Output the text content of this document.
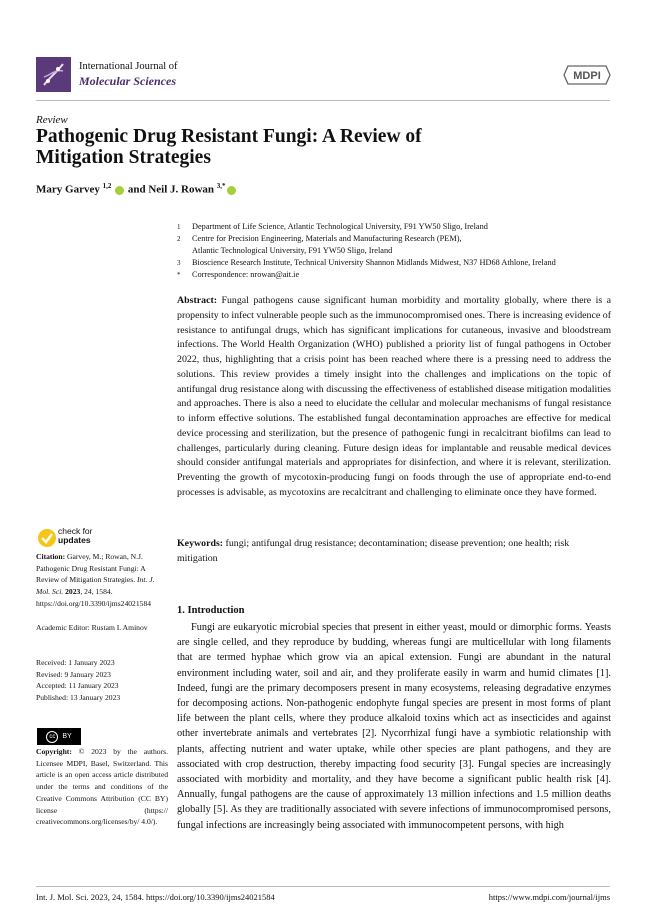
International Journal of
Molecular Sciences	MDPI
Review
Pathogenic Drug Resistant Fungi: A Review of Mitigation Strategies
Mary Garvey $^{1,2}$ and Neil J. Rowan $^{3,*}$
1	Department of Life Science, Atlantic Technological University, F91 YW50 Sligo, Ireland
2	Centre for Precision Engineering, Materials and Manufacturing Research (PEM),
Atlantic Technological University, F91 YW50 Sligo, Ireland
3	Bioscience Research Institute, Technical University Shannon Midlands Midwest, N37 HD68 Athlone, Ireland
*	Correspondence: nrowan@ait.ie
Abstract: Fungal pathogens cause significant human morbidity and mortality globally, where there is a propensity to infect vulnerable people such as the immunocompromised ones. There is increasing evidence of resistance to antifungal drugs, which has significant implications for cutaneous, invasive and bloodstream infections. The World Health Organization (WHO) published a priority list of fungal pathogens in October 2022, thus, highlighting that a crisis point has been reached where there is a pressing need to address the solutions. This review provides a timely insight into the challenges and implications on the topic of antifungal drug resistance along with discussing the effectiveness of established disease mitigation modalities and approaches. There is also a need to elucidate the cellular and molecular mechanisms of fungal resistance to inform effective solutions. The established fungal decontamination approaches are effective for medical device processing and sterilization, but the presence of pathogenic fungi in recalcitrant biofilms can lead to challenges, particularly during cleaning. Future design ideas for implantable and reusable medical devices should consider antifungal materials and appropriates for disinfection, and where it is relevant, sterilization. Preventing the growth of mycotoxin-producing fungi on foods through the use of appropriate end-to-end processes is advisable, as mycotoxins are recalcitrant and challenging to eliminate once they have formed.
Keywords: fungi; antifungal drug resistance; decontamination; disease prevention; one health; risk mitigation
check for
updates
Citation: Garvey, M.; Rowan, N.J. Pathogenic Drug Resistant Fungi: A Review of Mitigation Strategies. Int. J. Mol. Sci. 2023, 24, 1584. https://doi.org/10.3390/ijms24021584
Academic Editor: Rustam I. Aminov
Received: 1 January 2023
Revised: 9 January 2023
Accepted: 11 January 2023
Published: 13 January 2023
cc	BY
Copyright: © 2023 by the authors. Licensee MDPI, Basel, Switzerland. This article is an open access article distributed under the terms and conditions of the Creative Commons Attribution (CC BY) license (https:// creativecommons.org/licenses/by/ 4.0/).
1. Introduction

Fungi are eukaryotic microbial species that present in either yeast, mould or dimorphic forms. Yeasts are single celled, and they reproduce by budding, whereas fungi are multicellular with long filaments that are termed hyphae which grow via an apical extension. Fungi are abundant in the natural environment including water, soil and air, and they proliferate easily in warm and humid climates [1]. Indeed, fungi are the primary decomposers present in many ecosystems, releasing degradative enzymes for decomposing actions. Non-pathogenic endophyte fungal species are present in most forms of plant life between the plant cells, where they produce alkaloid toxins which act as insecticides and against other invertebrate animals and vertebrates [2]. Nycorrhizal fungi have a symbiotic relationship with plants, affecting nutrient and water uptake, while other species are plant pathogens, and they are associated with crop destruction, thereby impacting food security [3]. Fungal species are increasingly associated with morbidity and mortality, and they have become a significant public health risk [4]. Annually, fungal pathogens are the cause of approximately 13 million infections and 1.5 million deaths globally [5]. As they are traditionally associated with severe infections of immunocompromised persons, fungal infections are increasingly being associated with immunocompetent persons, with high

Int. J. Mol. Sci. 2023, 24, 1584. https://doi.org/10.3390/ijms24021584	https://www.mdpi.com/journal/ijms
